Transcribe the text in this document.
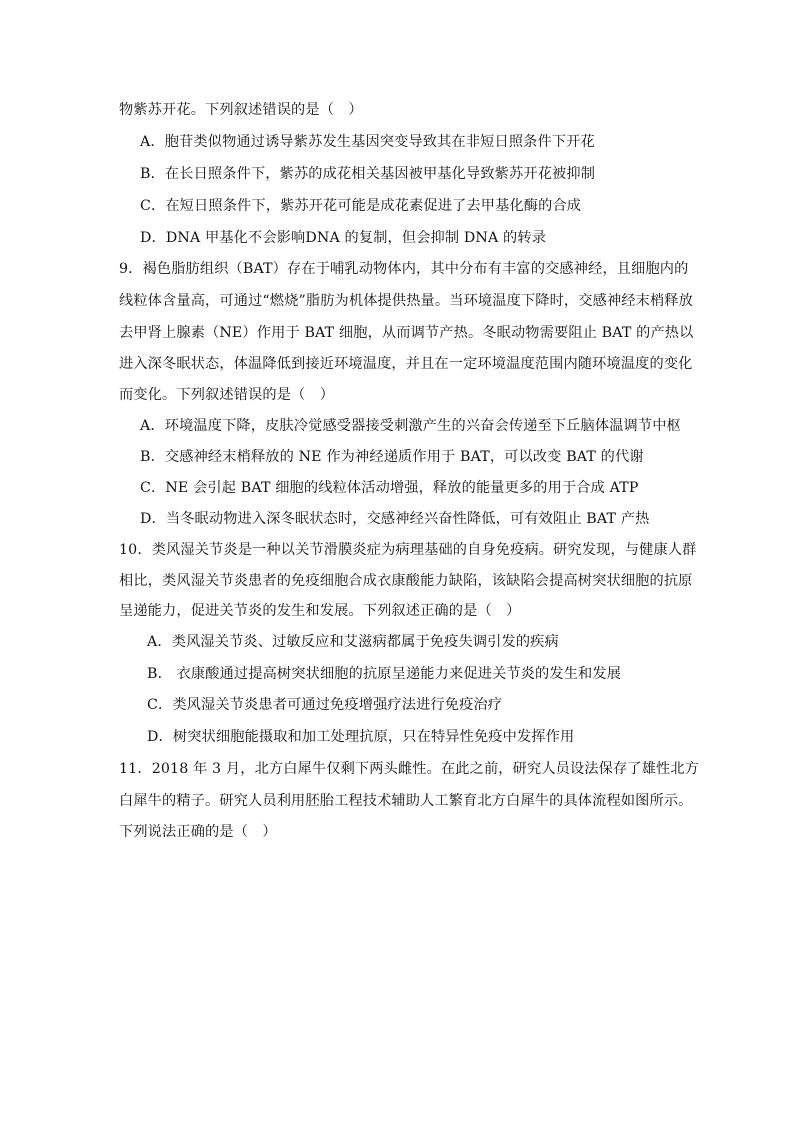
物紫苏开花。下列叙述错误的是（　）
A．胞苷类似物通过诱导紫苏发生基因突变导致其在非短日照条件下开花
B．在长日照条件下，紫苏的成花相关基因被甲基化导致紫苏开花被抑制
C．在短日照条件下，紫苏开花可能是成花素促进了去甲基化酶的合成
D．DNA 甲基化不会影响DNA 的复制，但会抑制 DNA 的转录
9．褐色脂肪组织（BAT）存在于哺乳动物体内，其中分布有丰富的交感神经，且细胞内的
线粒体含量高，可通过“燃烧”脂肪为机体提供热量。当环境温度下降时，交感神经末梢释放
去甲肾上腺素（NE）作用于 BAT 细胞，从而调节产热。冬眠动物需要阻止 BAT 的产热以
进入深冬眠状态，体温降低到接近环境温度，并且在一定环境温度范围内随环境温度的变化
而变化。下列叙述错误的是（　）
A．环境温度下降，皮肤冷觉感受器接受刺激产生的兴奋会传递至下丘脑体温调节中枢
B．交感神经末梢释放的 NE 作为神经递质作用于 BAT，可以改变 BAT 的代谢
C．NE 会引起 BAT 细胞的线粒体活动增强，释放的能量更多的用于合成 ATP
D．当冬眠动物进入深冬眠状态时，交感神经兴奋性降低，可有效阻止 BAT 产热
10．类风湿关节炎是一种以关节滑膜炎症为病理基础的自身免疫病。研究发现，与健康人群
相比，类风湿关节炎患者的免疫细胞合成衣康酸能力缺陷，该缺陷会提高树突状细胞的抗原
呈递能力，促进关节炎的发生和发展。下列叙述正确的是（　）
A．类风湿关节炎、过敏反应和艾滋病都属于免疫失调引发的疾病
B． 衣康酸通过提高树突状细胞的抗原呈递能力来促进关节炎的发生和发展
C．类风湿关节炎患者可通过免疫增强疗法进行免疫治疗
D．树突状细胞能摄取和加工处理抗原，只在特异性免疫中发挥作用
11．2018 年 3 月，北方白犀牛仅剩下两头雌性。在此之前，研究人员设法保存了雄性北方
白犀牛的精子。研究人员利用胚胎工程技术辅助人工繁育北方白犀牛的具体流程如图所示。
下列说法正确的是（　）
